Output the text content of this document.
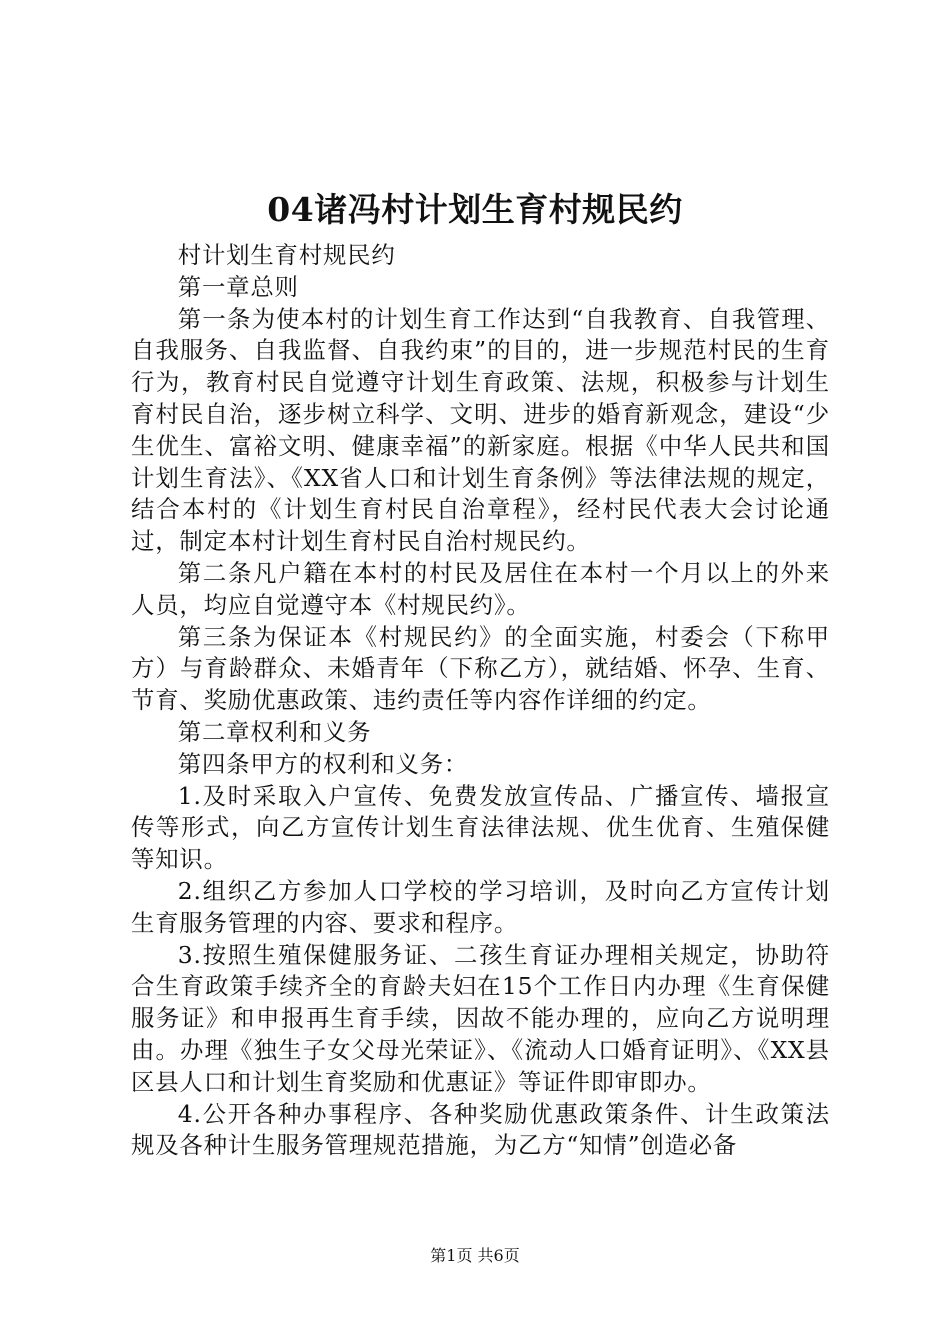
04诸冯村计划生育村规民约

村计划生育村规民约

第一章总则

第一条为使本村的计划生育工作达到“自我教育、自我管理、自我服务、自我监督、自我约束”的目的，进一步规范村民的生育行为，教育村民自觉遵守计划生育政策、法规，积极参与计划生育村民自治，逐步树立科学、文明、进步的婚育新观念，建设“少生优生、富裕文明、健康幸福”的新家庭。根据《中华人民共和国计划生育法》、《XX省人口和计划生育条例》等法律法规的规定，结合本村的《计划生育村民自治章程》，经村民代表大会讨论通过，制定本村计划生育村民自治村规民约。

第二条凡户籍在本村的村民及居住在本村一个月以上的外来人员，均应自觉遵守本《村规民约》。

第三条为保证本《村规民约》的全面实施，村委会（下称甲方）与育龄群众、未婚青年（下称乙方），就结婚、怀孕、生育、节育、奖励优惠政策、违约责任等内容作详细的约定。

第二章权利和义务

第四条甲方的权利和义务：

1.及时采取入户宣传、免费发放宣传品、广播宣传、墙报宣传等形式，向乙方宣传计划生育法律法规、优生优育、生殖保健等知识。

2.组织乙方参加人口学校的学习培训，及时向乙方宣传计划生育服务管理的内容、要求和程序。

3.按照生殖保健服务证、二孩生育证办理相关规定，协助符合生育政策手续齐全的育龄夫妇在15个工作日内办理《生育保健服务证》和申报再生育手续，因故不能办理的，应向乙方说明理由。办理《独生子女父母光荣证》、《流动人口婚育证明》、《XX县区县人口和计划生育奖励和优惠证》等证件即审即办。

4.公开各种办事程序、各种奖励优惠政策条件、计生政策法规及各种计生服务管理规范措施，为乙方“知情”创造必备

第1页 共6页
